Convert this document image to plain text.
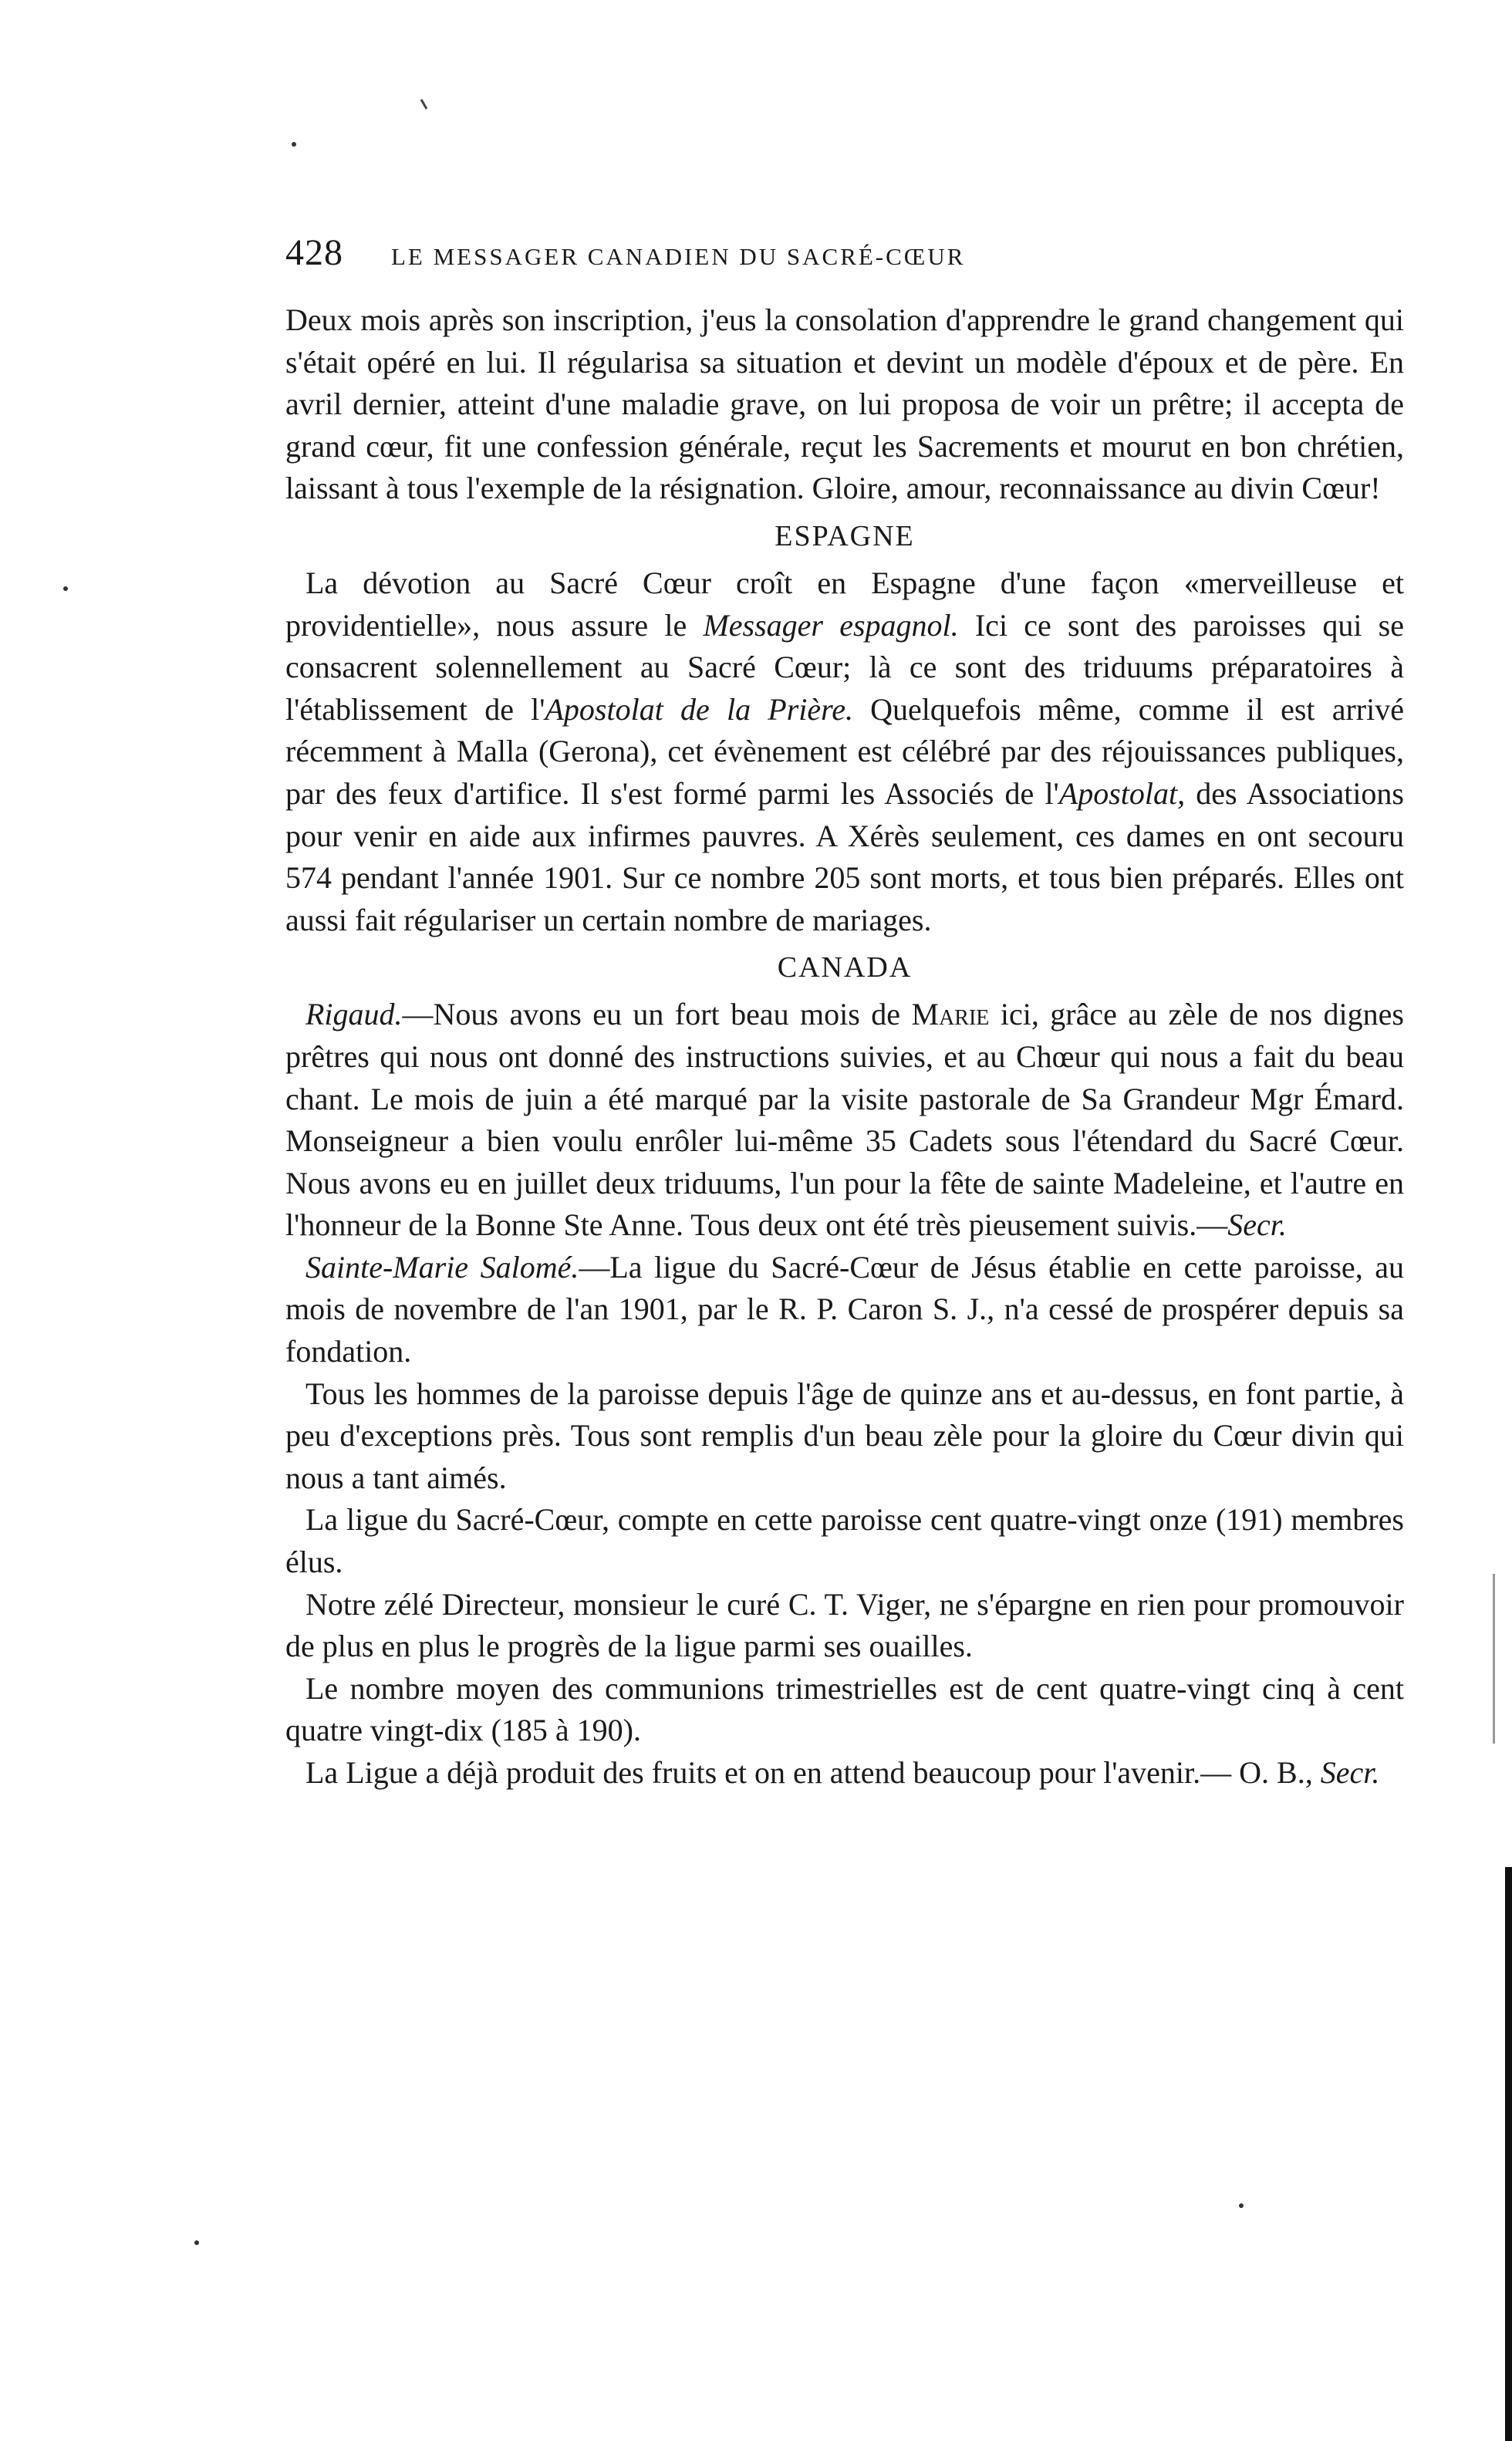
428 LE MESSAGER CANADIEN DU SACRÉ-CŒUR

Deux mois après son inscription, j'eus la consolation d'apprendre le grand changement qui s'était opéré en lui. Il régularisa sa situation et devint un modèle d'époux et de père. En avril dernier, atteint d'une maladie grave, on lui proposa de voir un prêtre; il accepta de grand cœur, fit une confession générale, reçut les Sacrements et mourut en bon chrétien, laissant à tous l'exemple de la résignation. Gloire, amour, reconnaissance au divin Cœur!

ESPAGNE

La dévotion au Sacré Cœur croît en Espagne d'une façon «merveilleuse et providentielle», nous assure le Messager espagnol. Ici ce sont des paroisses qui se consacrent solennellement au Sacré Cœur; là ce sont des triduums préparatoires à l'établissement de l'Apostolat de la Prière. Quelquefois même, comme il est arrivé récemment à Malla (Gerona), cet évènement est célébré par des réjouissances publiques, par des feux d'artifice. Il s'est formé parmi les Associés de l'Apostolat, des Associations pour venir en aide aux infirmes pauvres. A Xérès seulement, ces dames en ont secouru 574 pendant l'année 1901. Sur ce nombre 205 sont morts, et tous bien préparés. Elles ont aussi fait régulariser un certain nombre de mariages.

CANADA

Rigaud.—Nous avons eu un fort beau mois de Marie ici, grâce au zèle de nos dignes prêtres qui nous ont donné des instructions suivies, et au Chœur qui nous a fait du beau chant. Le mois de juin a été marqué par la visite pastorale de Sa Grandeur Mgr Émard. Monseigneur a bien voulu enrôler lui-même 35 Cadets sous l'étendard du Sacré Cœur. Nous avons eu en juillet deux triduums, l'un pour la fête de sainte Madeleine, et l'autre en l'honneur de la Bonne Ste Anne. Tous deux ont été très pieusement suivis.—Secr.

Sainte-Marie Salomé.—La ligue du Sacré-Cœur de Jésus établie en cette paroisse, au mois de novembre de l'an 1901, par le R. P. Caron S. J., n'a cessé de prospérer depuis sa fondation.

Tous les hommes de la paroisse depuis l'âge de quinze ans et au-dessus, en font partie, à peu d'exceptions près. Tous sont remplis d'un beau zèle pour la gloire du Cœur divin qui nous a tant aimés.

La ligue du Sacré-Cœur, compte en cette paroisse cent quatre-vingt onze (191) membres élus.

Notre zélé Directeur, monsieur le curé C. T. Viger, ne s'épargne en rien pour promouvoir de plus en plus le progrès de la ligue parmi ses ouailles.

Le nombre moyen des communions trimestrielles est de cent quatre-vingt cinq à cent quatre vingt-dix (185 à 190).

La Ligue a déjà produit des fruits et on en attend beaucoup pour l'avenir.— O. B., Secr.
